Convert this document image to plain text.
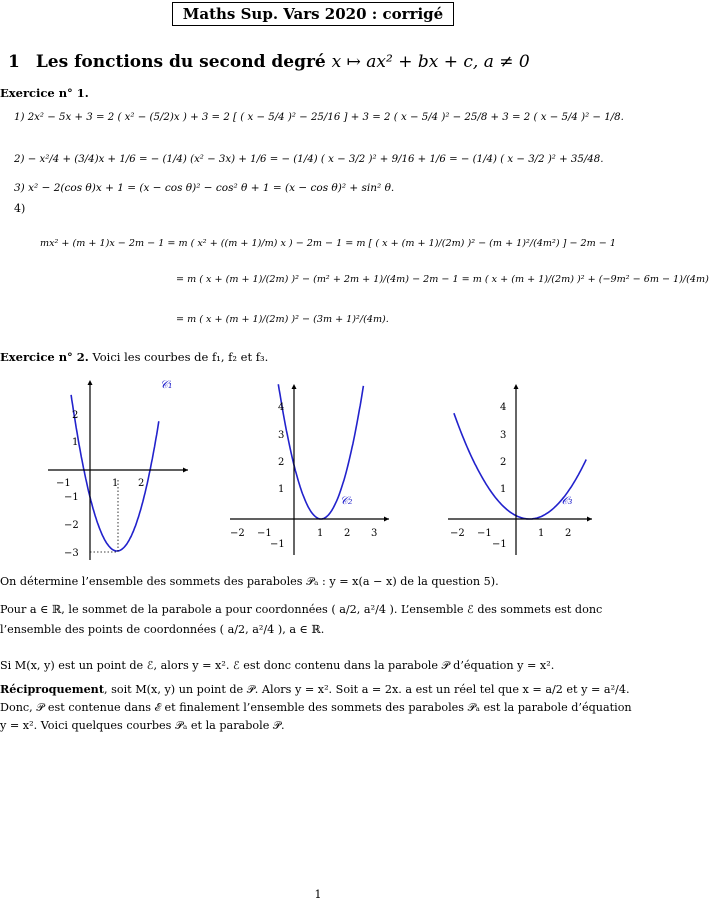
Maths Sup. Vars 2020 : corrigé
1 Les fonctions du second degré x ↦ ax² + bx + c, a ≠ 0
Exercice n° 1.
1) 2x² − 5x + 3 = 2 ( x² − (5/2)x ) + 3 = 2 [ ( x − 5/4 )² − 25/16 ] + 3 = 2 ( x − 5/4 )² − 25/8 + 3 = 2 ( x − 5/4 )² − 1/8.
2) − x²/4 + (3/4)x + 1/6 = − (1/4) (x² − 3x) + 1/6 = − (1/4) ( x − 3/2 )² + 9/16 + 1/6 = − (1/4) ( x − 3/2 )² + 35/48.
3) x² − 2(cos θ)x + 1 = (x − cos θ)² − cos² θ + 1 = (x − cos θ)² + sin² θ.
4)
mx² + (m + 1)x − 2m − 1 = m ( x² + ((m + 1)/m) x ) − 2m − 1 = m [ ( x + (m + 1)/(2m) )² − (m + 1)²/(4m²) ] − 2m − 1
= m ( x + (m + 1)/(2m) )² − (m² + 2m + 1)/(4m) − 2m − 1 = m ( x + (m + 1)/(2m) )² + (−9m² − 6m − 1)/(4m)
= m ( x + (m + 1)/(2m) )² − (3m + 1)²/(4m).
Exercice n° 2. Voici les courbes de f₁, f₂ et f₃.
𝒞₁
−1	1 2
2
1
−1
−2
−3
𝒞₂
−2 −1	1 2 3
4
3
2
1
−1
𝒞₃
−2 −1	1 2
4
3
2
1
−1
On détermine l’ensemble des sommets des paraboles 𝒫ₐ : y = x(a − x) de la question 5).
Pour a ∈ ℝ, le sommet de la parabole a pour coordonnées ( a/2, a²/4 ). L’ensemble ℰ des sommets est donc l’ensemble des points de coordonnées ( a/2, a²/4 ), a ∈ ℝ.
Si M(x, y) est un point de ℰ, alors y = x². ℰ est donc contenu dans la parabole 𝒫 d’équation y = x².
Réciproquement, soit M(x, y) un point de 𝒫. Alors y = x². Soit a = 2x. a est un réel tel que x = a/2 et y = a²/4. Donc, 𝒫 est contenue dans ℰ et finalement l’ensemble des sommets des paraboles 𝒫ₐ est la parabole d’équation y = x². Voici quelques courbes 𝒫ₐ et la parabole 𝒫.
1
